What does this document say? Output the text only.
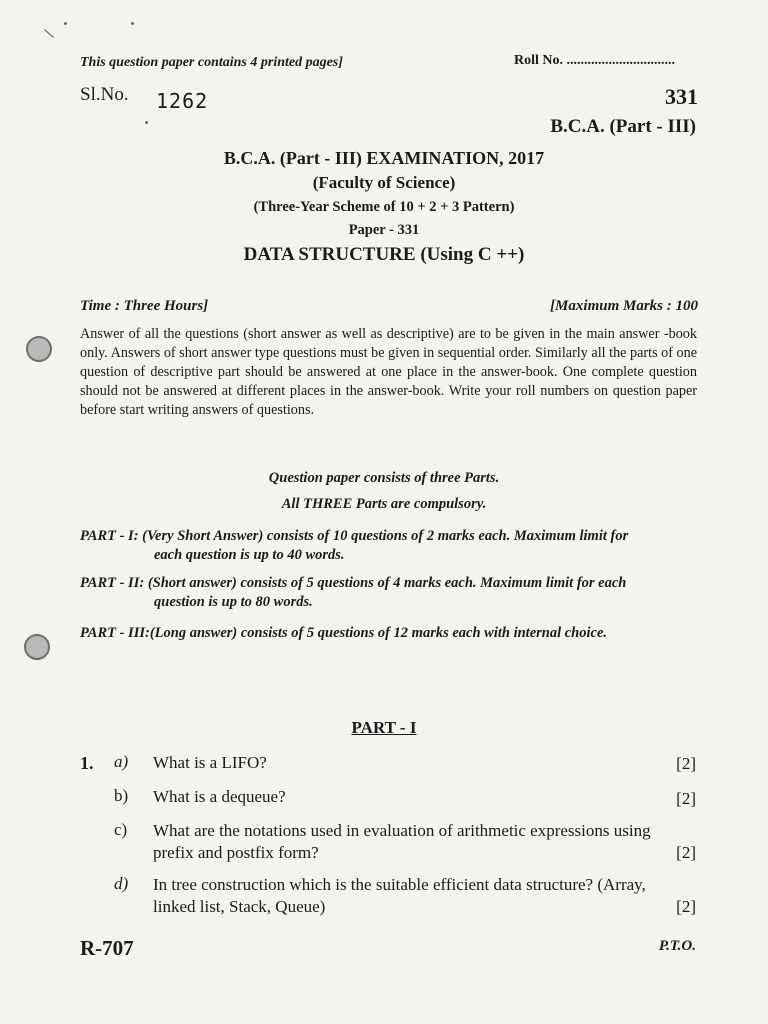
This question paper contains 4 printed pages]	Roll No. ...............................
Sl.No. 1262	331
B.C.A. (Part - III)
B.C.A. (Part - III) EXAMINATION, 2017
(Faculty of Science)
(Three-Year Scheme of 10 + 2 + 3 Pattern)
Paper - 331
DATA STRUCTURE (Using C ++)
Time : Three Hours]	[Maximum Marks : 100
Answer of all the questions (short answer as well as descriptive) are to be given in the main answer -book only. Answers of short answer type questions must be given in sequential order. Similarly all the parts of one question of descriptive part should be answered at one place in the answer-book. One complete question should not be answered at different places in the answer-book. Write your roll numbers on question paper before start writing answers of questions.
Question paper consists of three Parts.
All THREE Parts are compulsory.
PART - I: (Very Short Answer) consists of 10 questions of 2 marks each. Maximum limit for
each question is up to 40 words.
PART - II: (Short answer) consists of 5 questions of 4 marks each. Maximum limit for each
question is up to 80 words.
PART - III:(Long answer) consists of 5 questions of 12 marks each with internal choice.
PART - I
1. a) What is a LIFO?	[2]
b) What is a dequeue?	[2]
c) What are the notations used in evaluation of arithmetic expressions using prefix and postfix form?	[2]
d) In tree construction which is the suitable efficient data structure? (Array, linked list, Stack, Queue)	[2]
R-707	P.T.O.
